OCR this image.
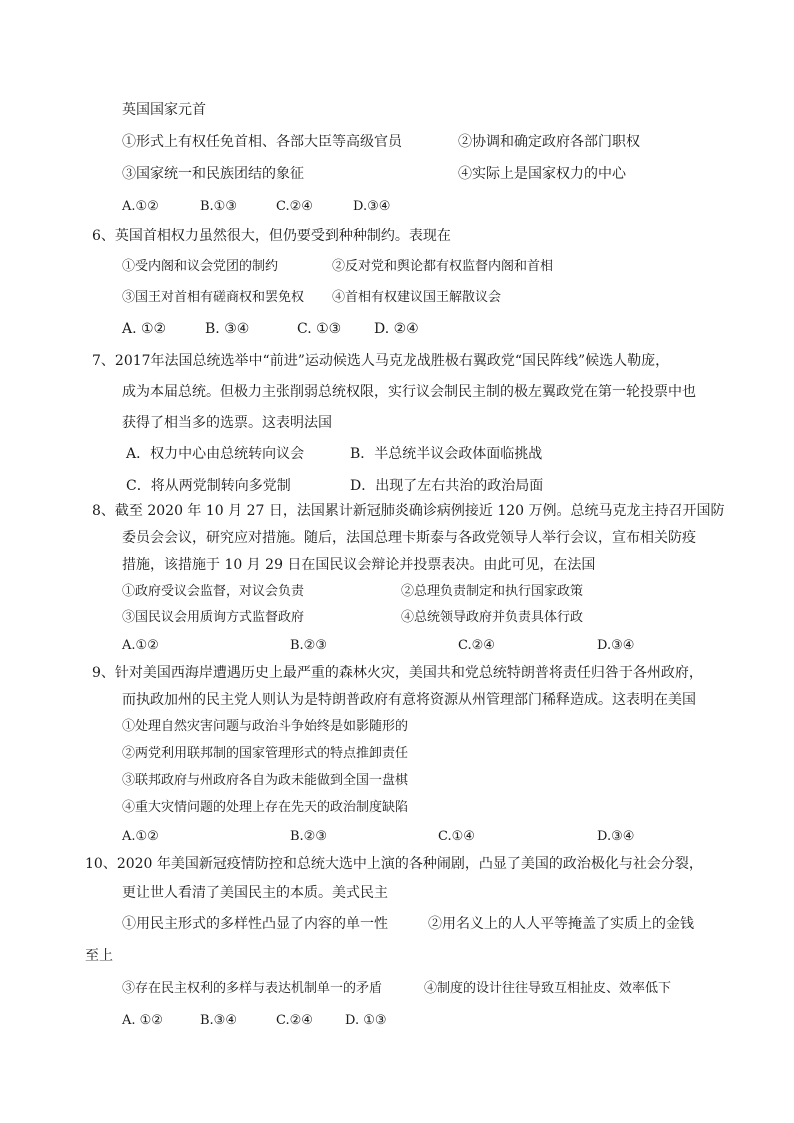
英国国家元首
①形式上有权任免首相、各部大臣等高级官员	②协调和确定政府各部门职权
③国家统一和民族团结的象征	④实际上是国家权力的中心
A.①②	B.①③	C.②④	D.③④
6、英国首相权力虽然很大，但仍要受到种种制约。表现在
①受内阁和议会党团的制约	②反对党和舆论都有权监督内阁和首相
③国王对首相有磋商权和罢免权 ④首相有权建议国王解散议会
A. ①②	B. ③④	C. ①③ D. ②④
7、2017年法国总统选举中“前进”运动候选人马克龙战胜极右翼政党“国民阵线”候选人勒庞，
成为本届总统。但极力主张削弱总统权限，实行议会制民主制的极左翼政党在第一轮投票中也
获得了相当多的选票。这表明法国
A．权力中心由总统转向议会	B．半总统半议会政体面临挑战
C．将从两党制转向多党制	D．出现了左右共治的政治局面
8、截至 2020 年 10 月 27 日，法国累计新冠肺炎确诊病例接近 120 万例。总统马克龙主持召开国防
委员会会议，研究应对措施。随后，法国总理卡斯泰与各政党领导人举行会议，宣布相关防疫
措施，该措施于 10 月 29 日在国民议会辩论并投票表决。由此可见，在法国
①政府受议会监督，对议会负责	②总理负责制定和执行国家政策
③国民议会用质询方式监督政府	④总统领导政府并负责具体行政
A.①②	B.②③	C.②④	D.③④
9、针对美国西海岸遭遇历史上最严重的森林火灾，美国共和党总统特朗普将责任归咎于各州政府，
而执政加州的民主党人则认为是特朗普政府有意将资源从州管理部门稀释造成。这表明在美国
①处理自然灾害问题与政治斗争始终是如影随形的
②两党利用联邦制的国家管理形式的特点推卸责任
③联邦政府与州政府各自为政未能做到全国一盘棋
④重大灾情问题的处理上存在先天的政治制度缺陷
A.①②	B.②③	C.①④	D.③④
10、2020 年美国新冠疫情防控和总统大选中上演的各种闹剧，凸显了美国的政治极化与社会分裂，
更让世人看清了美国民主的本质。美式民主
①用民主形式的多样性凸显了内容的单一性	②用名义上的人人平等掩盖了实质上的金钱
至上
③存在民主权利的多样与表达机制单一的矛盾	④制度的设计往往导致互相扯皮、效率低下
A. ①②	B.③④	C.②④ D. ①③
